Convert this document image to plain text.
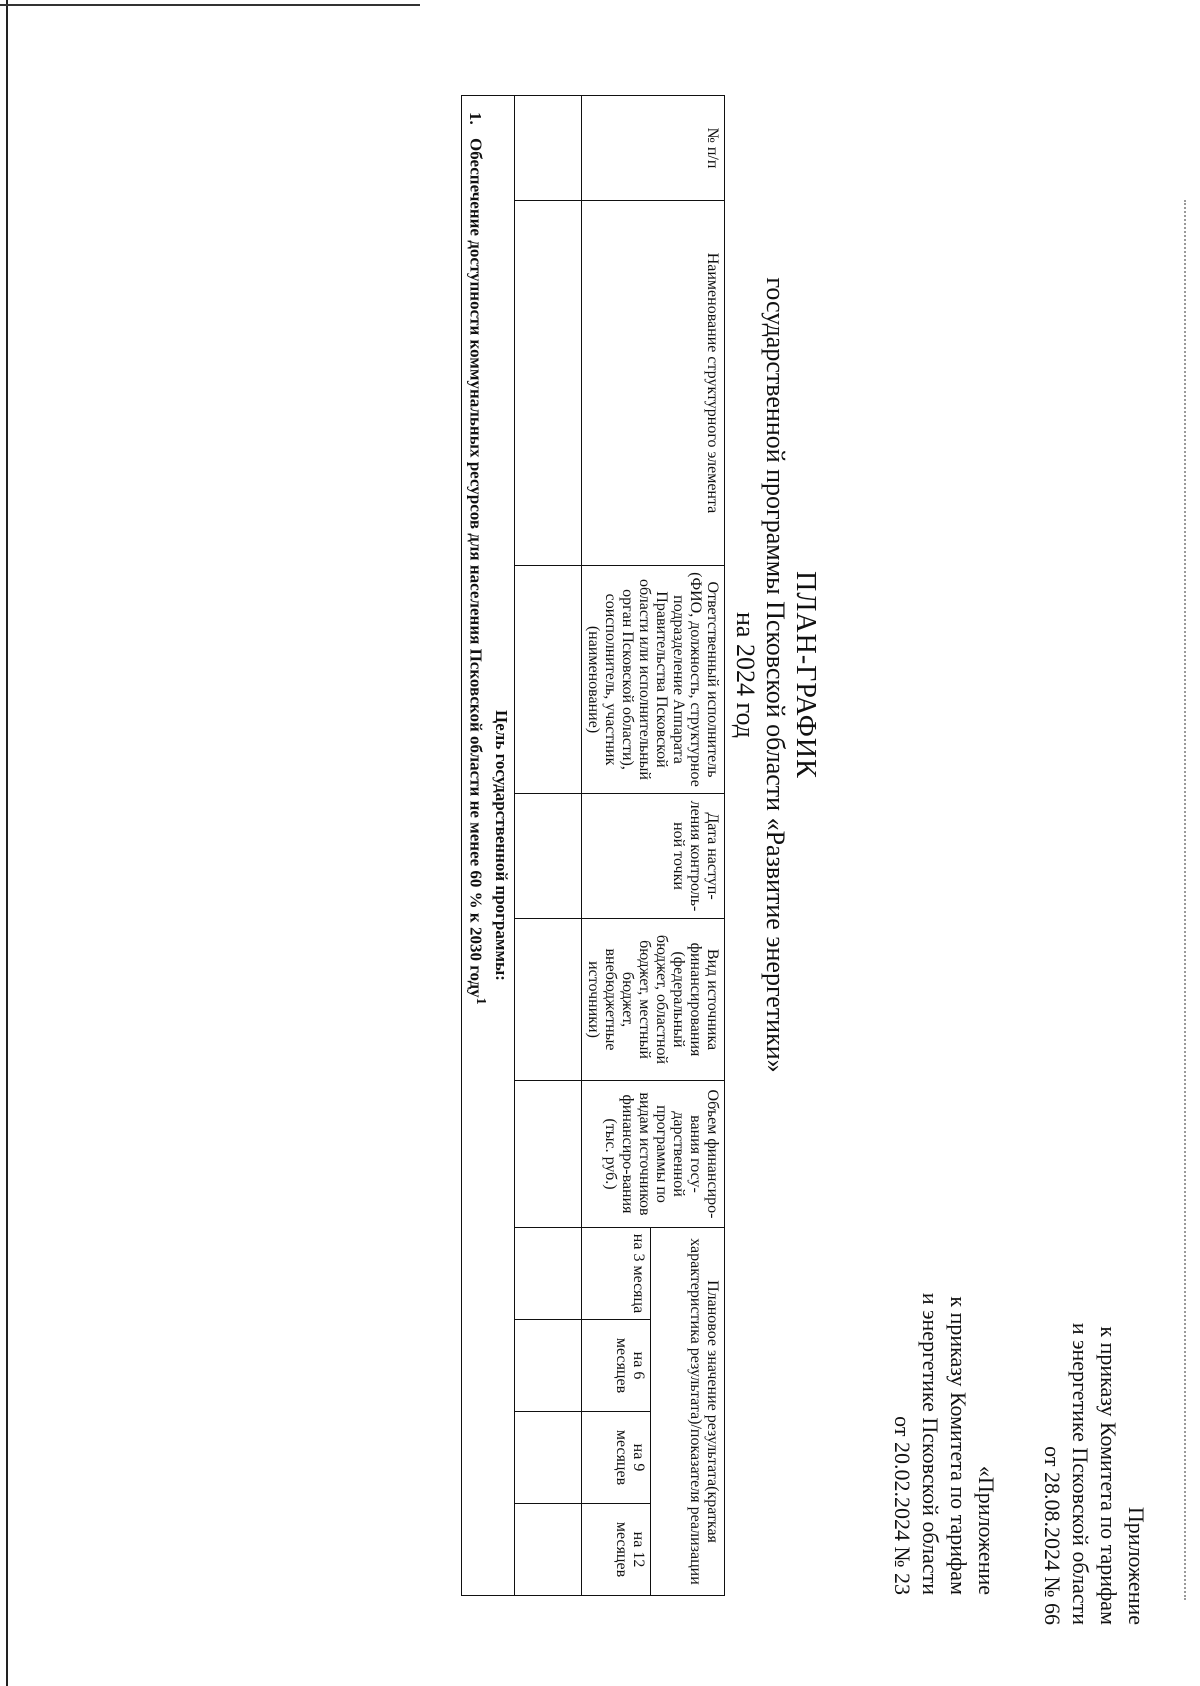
Приложение
к приказу Комитета по тарифам
и энергетике Псковской области
от 28.08.2024 № 66
«Приложение
к приказу Комитета по тарифам
и энергетике Псковской области
от 20.02.2024 № 23
ПЛАН-ГРАФИК
государственной программы Псковской области «Развитие энергетики»
на 2024 год
№ п/п	Наименование структурного элемента	Ответственный исполнитель (ФИО, должность, структурное подразделение Аппарата Правительства Псковской области или исполнительный орган Псковской области), соисполнитель, участник (наименование)	Дата наступ-ления контроль-ной точки	Вид источника финансирования (федеральный бюджет, областной бюджет, местный бюджет, внебюджетные источники)	Объем финансиро-вания госу-дарственной программы по видам источников финансиро-вания (тыс. руб.)	Плановое значение результата(краткая характеристика результата)/показателя реализации			
						на 3 месяца	на 6 месяцев	на 9 месяцев	на 12 месяцев

Цель государственной программы:
1.Обеспечение доступности коммунальных ресурсов для населения Псковской области не менее 60 % к 2030 году$^1$
